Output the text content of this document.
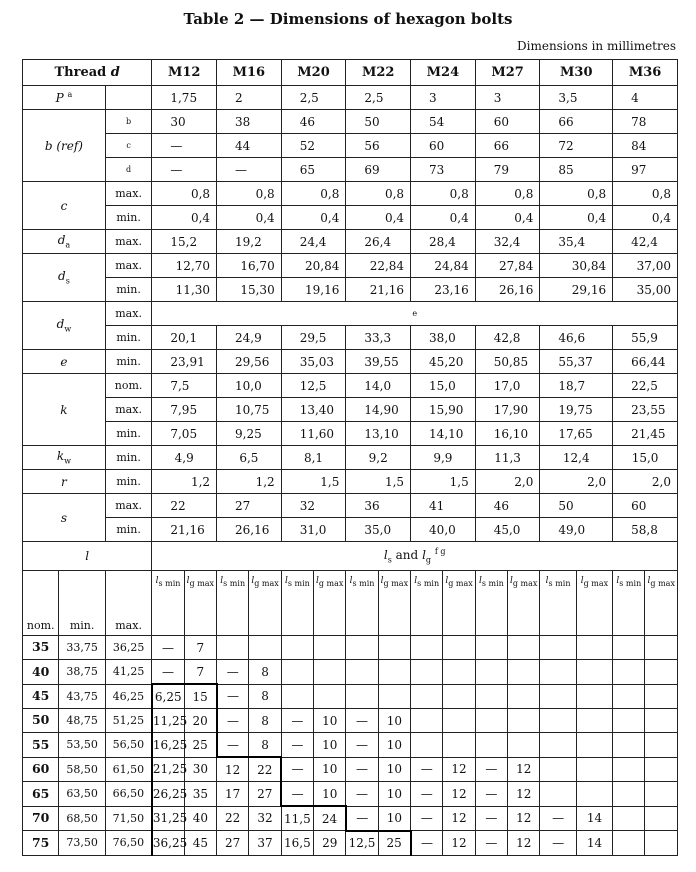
Table 2 — Dimensions of hexagon bolts
Dimensions in millimetres
Thread d			M12		M16		M20		M22		M24		M27		M30		M36	
P $^a$			1,75		2		2,5		2,5		3		3		3,5		4	
b (ref)		b	30		38		46		50		54		60		66		78	
		c	—		44		52		56		60		66		72		84	
		d	—		—		65		69		73		79		85		97	
c		max.	0,8		0,8		0,8		0,8		0,8		0,8		0,8		0,8	
		min.	0,4		0,4		0,4		0,4		0,4		0,4		0,4		0,4	
$d_a$		max.	15,2		19,2		24,4		26,4		28,4		32,4		35,4		42,4	
$d_s$		max.	12,70		16,70		20,84		22,84		24,84		27,84		30,84		37,00	
		min.	11,30		15,30		19,16		21,16		23,16		26,16		29,16		35,00	
$d_w$		max.	e															
		min.	20,1		24,9		29,5		33,3		38,0		42,8		46,6		55,9	
e		min.	23,91		29,56		35,03		39,55		45,20		50,85		55,37		66,44	
k		nom.	7,5		10,0		12,5		14,0		15,0		17,0		18,7		22,5	
		max.	7,95		10,75		13,40		14,90		15,90		17,90		19,75		23,55	
		min.	7,05		9,25		11,60		13,10		14,10		16,10		17,65		21,45	
$k_w$		min.	4,9		6,5		8,1		9,2		9,9		11,3		12,4		15,0	
r		min.	1,2		1,2		1,5		1,5		1,5		2,0		2,0		2,0	
s		max.	22		27		32		36		41		46		50		60	
		min.	21,16		26,16		31,0		35,0		40,0		45,0		49,0		58,8	
l			$l_s$ and $l_g$ $^{f g}$
nom.	min.	max.	ls min	lg max	ls min	lg max	ls min	lg max	ls min	lg max	ls min	lg max	ls min	lg max	ls min	lg max	ls min	lg max
35	33,75	36,25	—	7														
40	38,75	41,25	—	7	—	8												
45	43,75	46,25	6,25	15	—	8												
50	48,75	51,25	11,25	20	—	8	—	10	—	10								
55	53,50	56,50	16,25	25	—	8	—	10	—	10								
60	58,50	61,50	21,25	30	12	22	—	10	—	10	—	12	—	12				
65	63,50	66,50	26,25	35	17	27	—	10	—	10	—	12	—	12				
70	68,50	71,50	31,25	40	22	32	11,5	24	—	10	—	12	—	12	—	14		
75	73,50	76,50	36,25	45	27	37	16,5	29	12,5	25	—	12	—	12	—	14		
